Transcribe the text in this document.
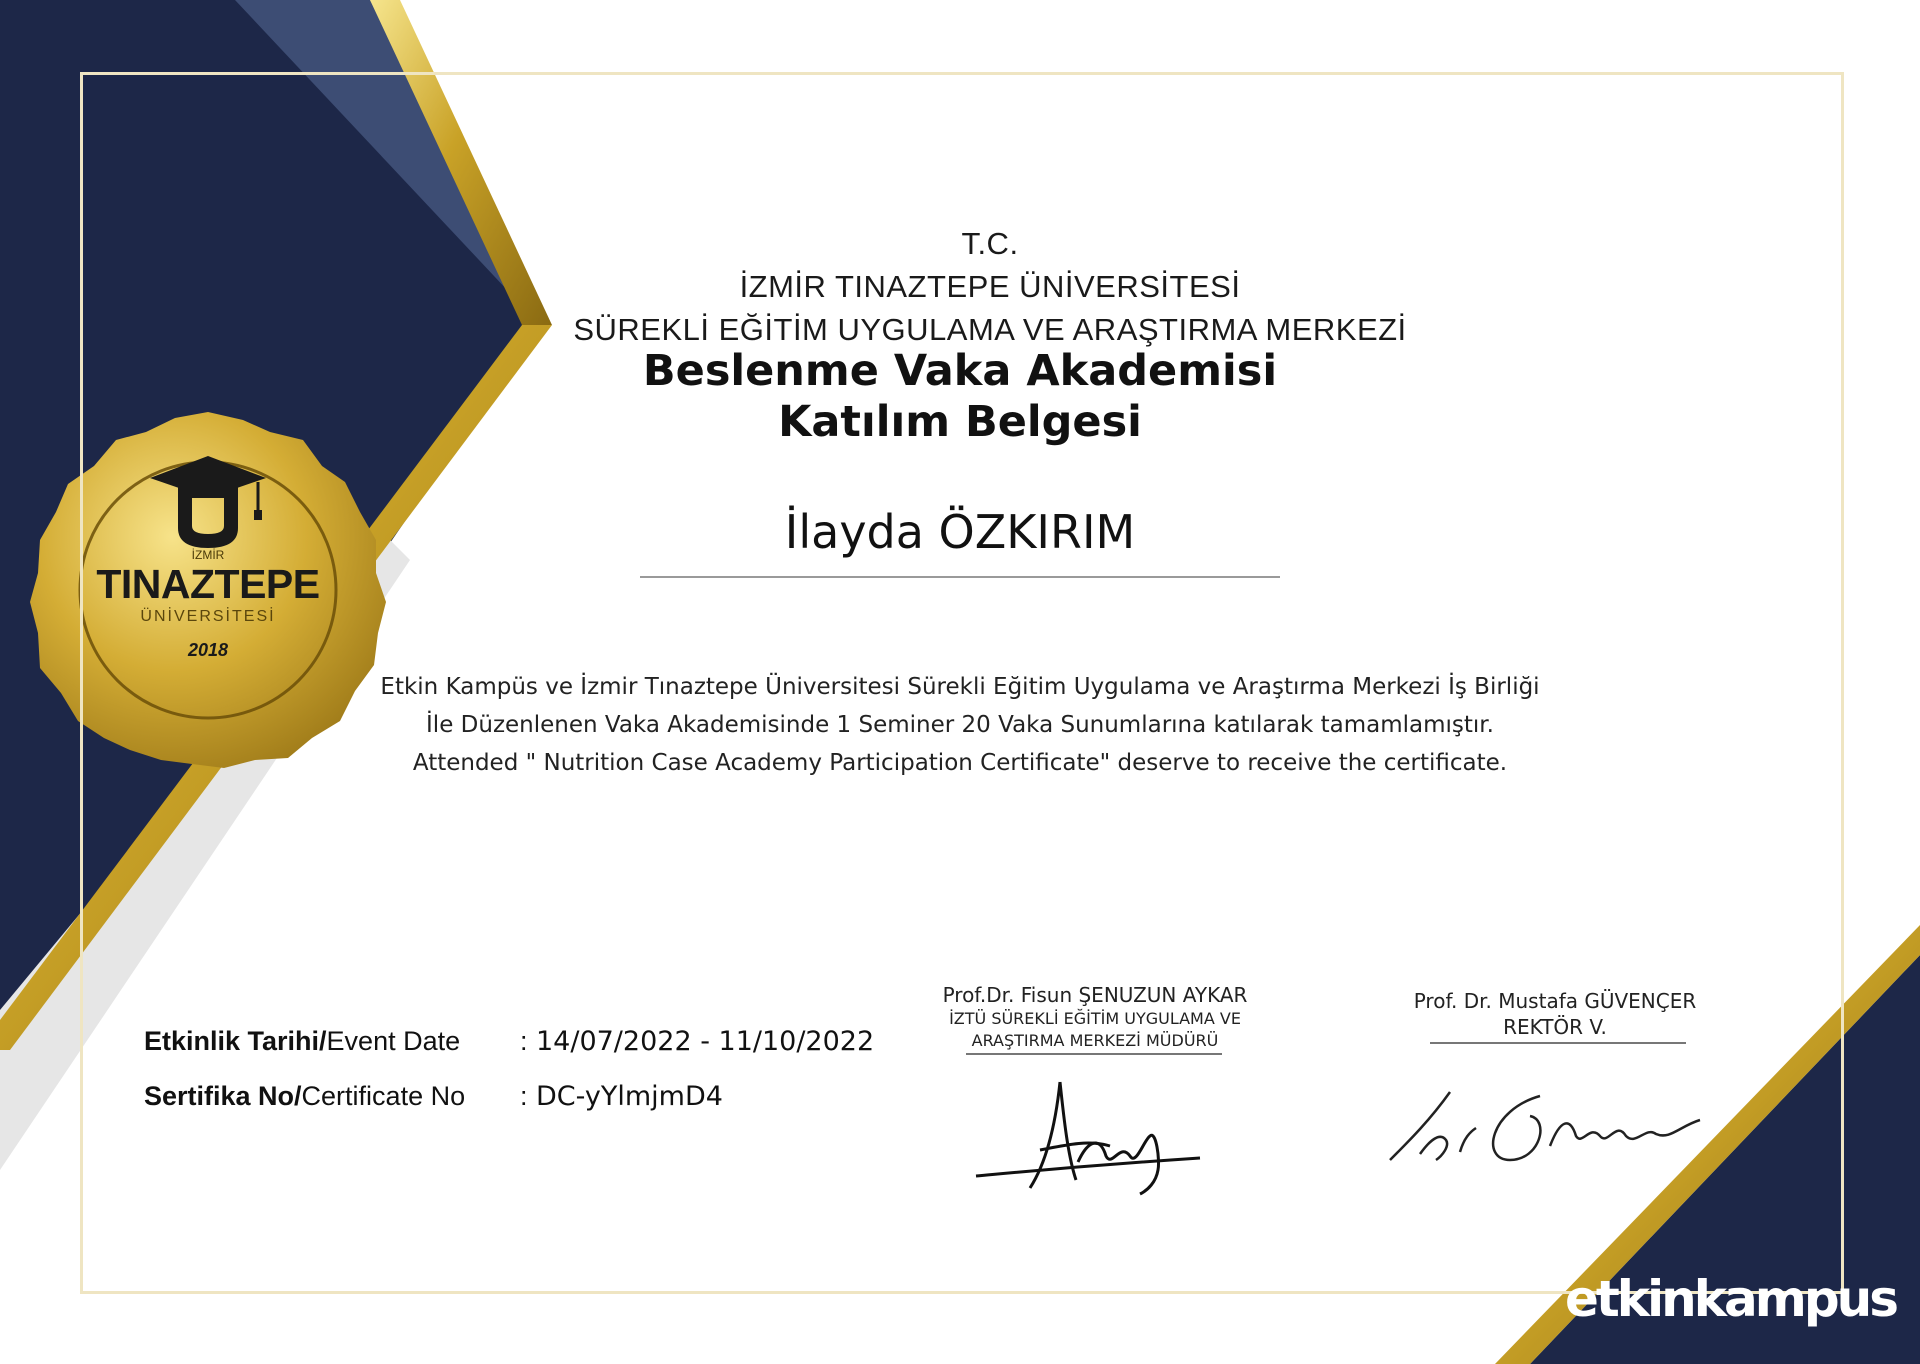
İZMİR
TINAZTEPE
ÜNİVERSİTESİ
2018
T.C.
İZMİR TINAZTEPE ÜNİVERSİTESİ
SÜREKLİ EĞİTİM UYGULAMA VE ARAŞTIRMA MERKEZİ
Beslenme Vaka Akademisi
Katılım Belgesi
İlayda ÖZKIRIM
Etkin Kampüs ve İzmir Tınaztepe Üniversitesi Sürekli Eğitim Uygulama ve Araştırma Merkezi İş Birliği
İle Düzenlenen Vaka Akademisinde 1 Seminer 20 Vaka Sunumlarına katılarak tamamlamıştır.
Attended " Nutrition Case Academy Participation Certificate" deserve to receive the certificate.
Etkinlik Tarihi/Event Date : 14/07/2022 - 11/10/2022
Sertifika No/Certificate No : DC-yYlmjmD4
Prof.Dr. Fisun ŞENUZUN AYKAR
İZTÜ SÜREKLİ EĞİTİM UYGULAMA VE
ARAŞTIRMA MERKEZİ MÜDÜRÜ
Prof. Dr. Mustafa GÜVENÇER
REKTÖR V.
etkinkampus
